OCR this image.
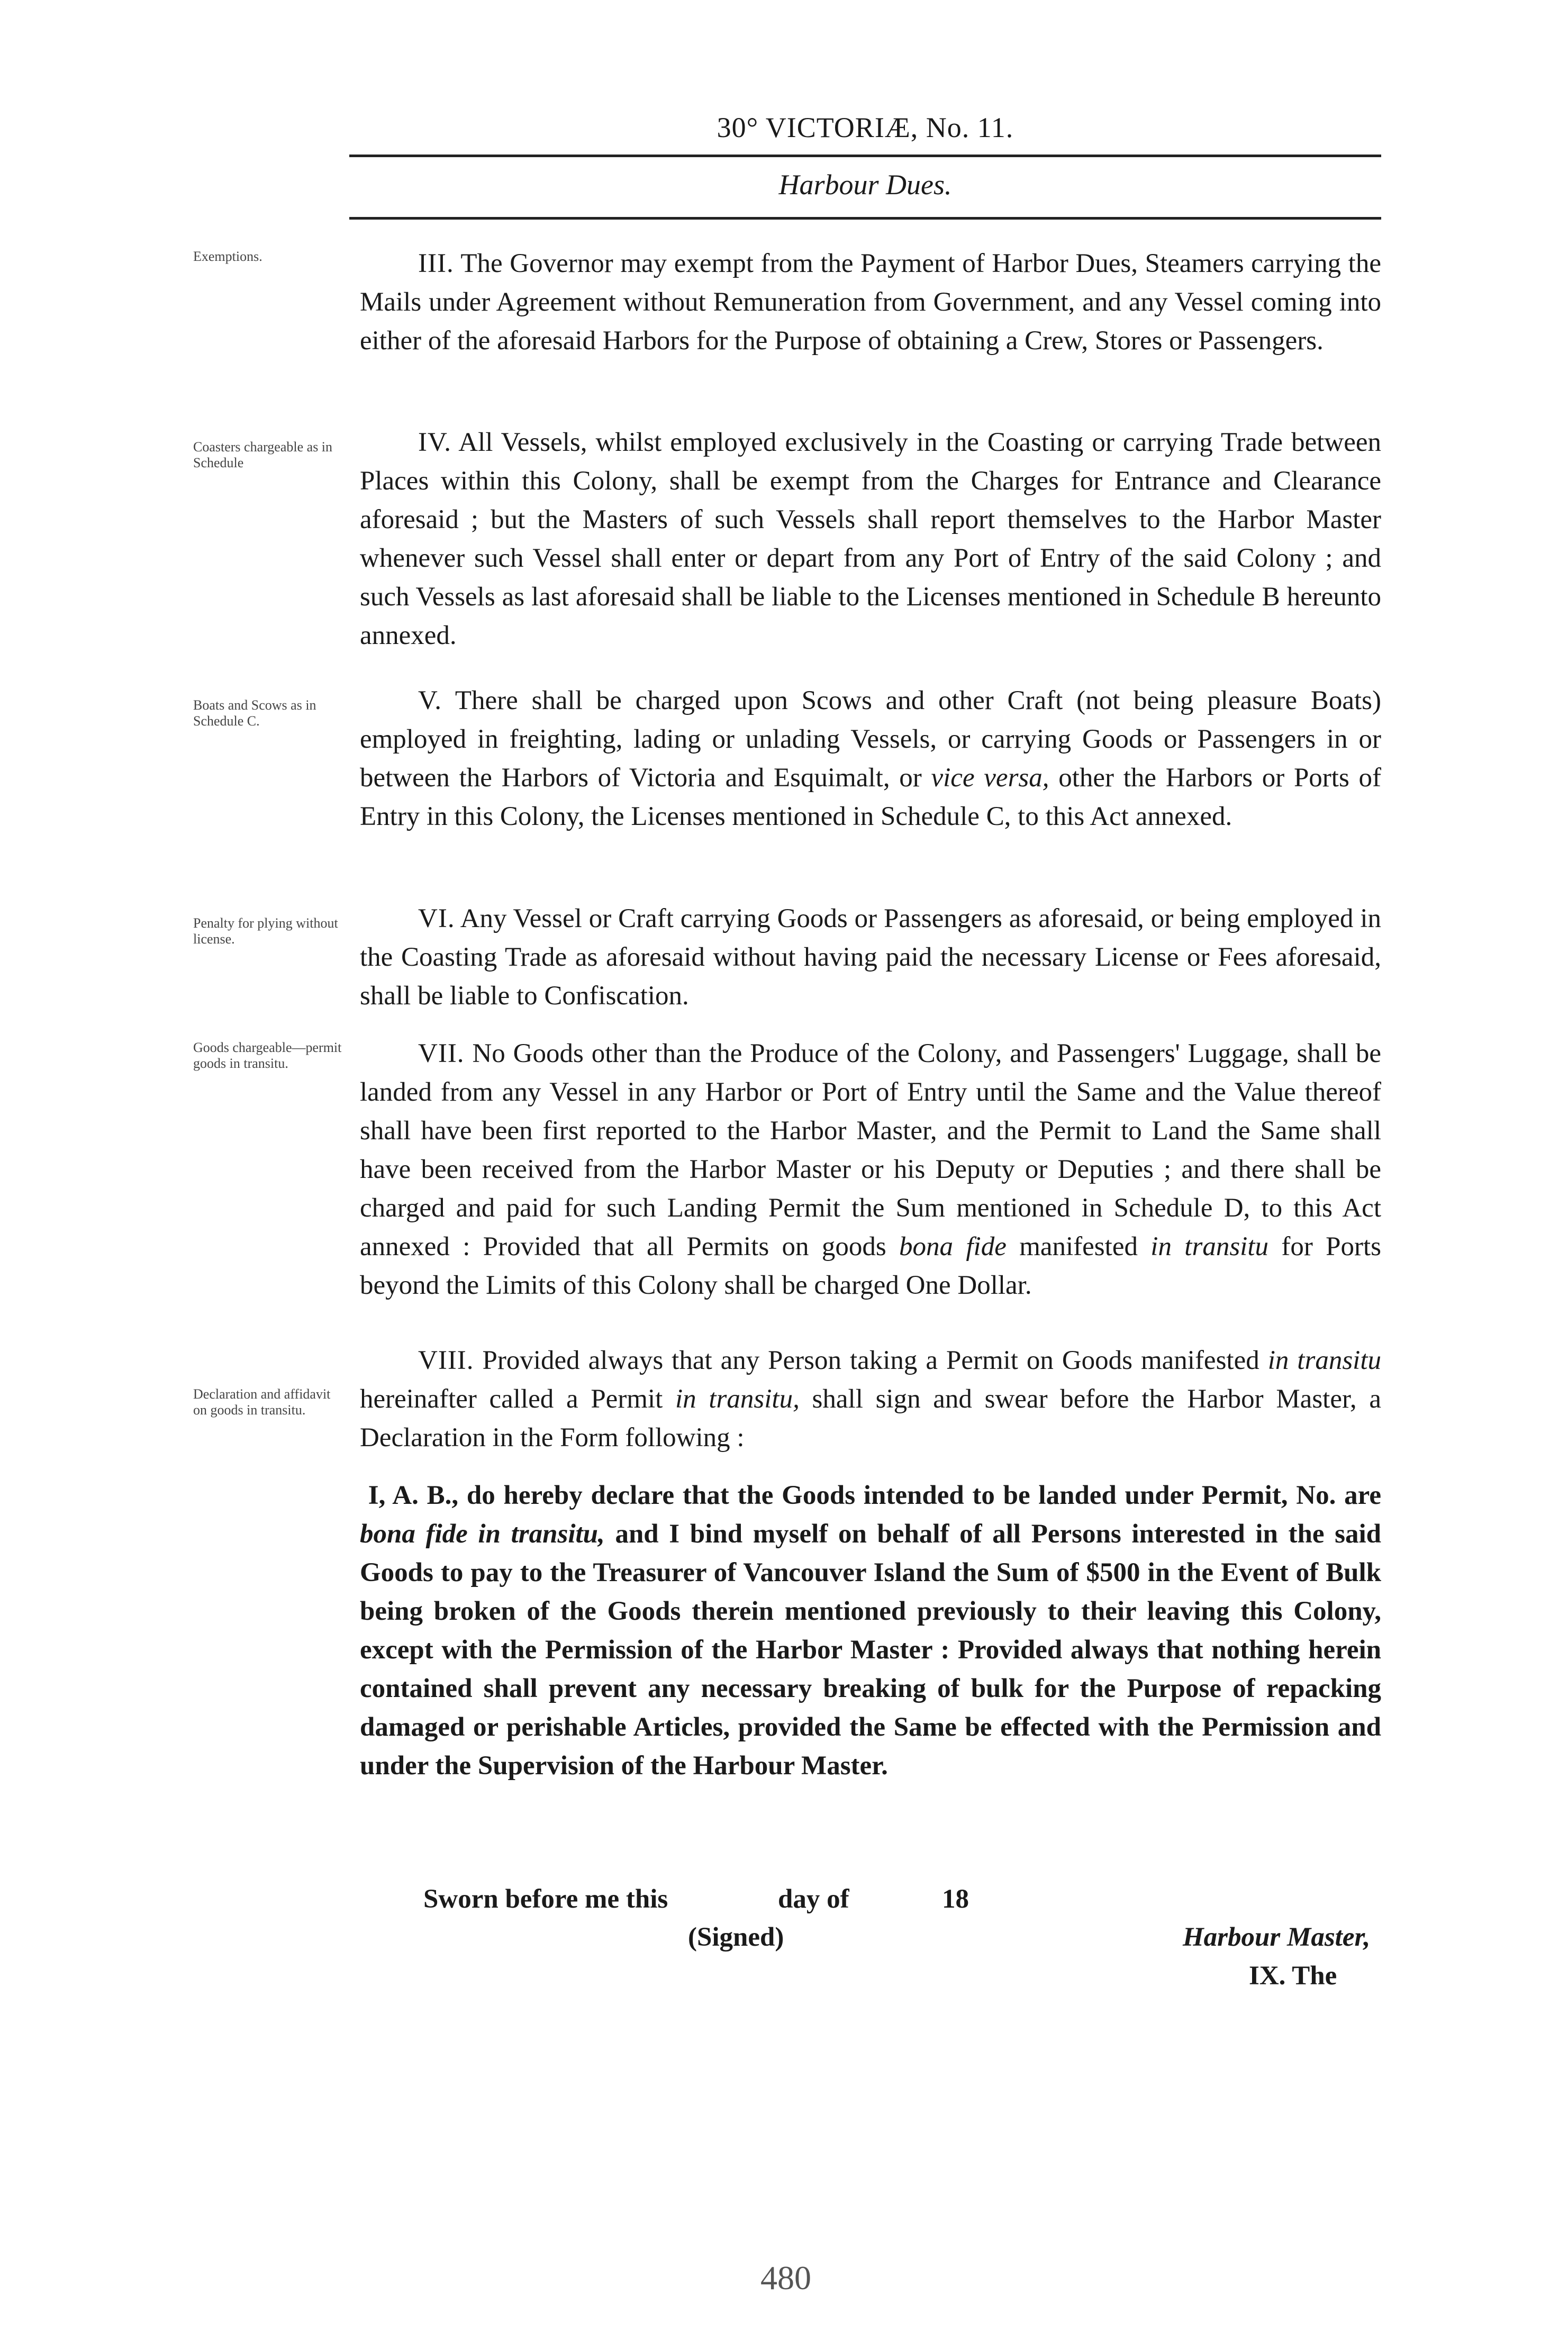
30° VICTORIÆ, No. 11.
Harbour Dues.
Exemptions.	III. The Governor may exempt from the Payment of Harbor Dues, Steamers carrying the Mails under Agreement without Remuneration from Government, and any Vessel coming into either of the aforesaid Harbors for the Purpose of obtaining a Crew, Stores or Passengers.
Coasters chargeable as in Schedule
IV. All Vessels, whilst employed exclusively in the Coasting or carrying Trade between Places within this Colony, shall be exempt from the Charges for Entrance and Clearance aforesaid ; but the Masters of such Vessels shall report themselves to the Harbor Master whenever such Vessel shall enter or depart from any Port of Entry of the said Colony ; and such Vessels as last aforesaid shall be liable to the Licenses mentioned in Schedule B hereunto annexed.
Boats and Scows as in Schedule C.
V. There shall be charged upon Scows and other Craft (not being pleasure Boats) employed in freighting, lading or unlading Vessels, or carrying Goods or Passengers in or between the Harbors of Victoria and Esquimalt, or vice versa, other the Harbors or Ports of Entry in this Colony, the Licenses mentioned in Schedule C, to this Act annexed.
Penalty for plying without license.
VI. Any Vessel or Craft carrying Goods or Passengers as aforesaid, or being employed in the Coasting Trade as aforesaid without having paid the necessary License or Fees aforesaid, shall be liable to Confiscation.
Goods chargeable—permit goods in transitu.	VII. No Goods other than the Produce of the Colony, and Passengers' Luggage, shall be landed from any Vessel in any Harbor or Port of Entry until the Same and the Value thereof shall have been first reported to the Harbor Master, and the Permit to Land the Same shall have been received from the Harbor Master or his Deputy or Deputies ; and there shall be charged and paid for such Landing Permit the Sum mentioned in Schedule D, to this Act annexed : Provided that all Permits on goods bona fide manifested in transitu for Ports beyond the Limits of this Colony shall be charged One Dollar.
Declaration and affidavit on goods in transitu.
VIII. Provided always that any Person taking a Permit on Goods manifested in transitu hereinafter called a Permit in transitu, shall sign and swear before the Harbor Master, a Declaration in the Form following :
I, A. B., do hereby declare that the Goods intended to be landed under Permit, No. are bona fide in transitu, and I bind myself on behalf of all Persons interested in the said Goods to pay to the Treasurer of Vancouver Island the Sum of $500 in the Event of Bulk being broken of the Goods therein mentioned previously to their leaving this Colony, except with the Permission of the Harbor Master : Provided always that nothing herein contained shall prevent any necessary breaking of bulk for the Purpose of repacking damaged or perishable Articles, provided the Same be effected with the Permission and under the Supervision of the Harbour Master.
Sworn before me this	day of	18
(Signed)	Harbour Master,
IX. The
480
